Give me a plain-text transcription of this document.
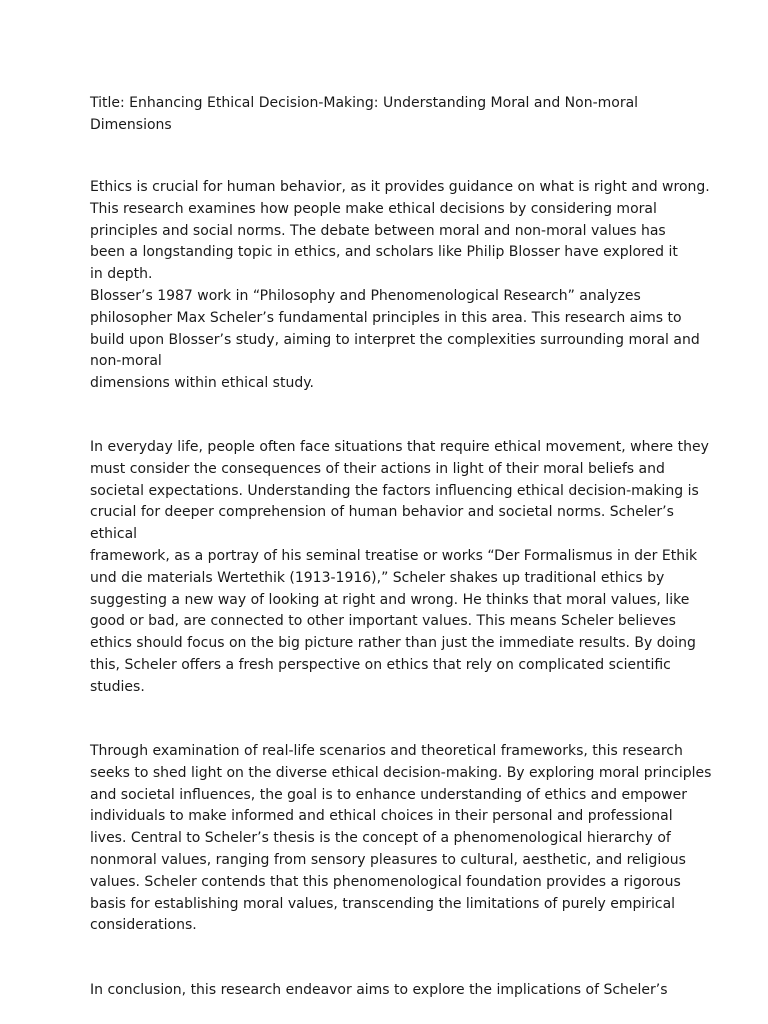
Title: Enhancing Ethical Decision-Making: Understanding Moral and Non-moral
Dimensions

Ethics is crucial for human behavior, as it provides guidance on what is right and wrong.
This research examines how people make ethical decisions by considering moral
principles and social norms. The debate between moral and non-moral values has
been a longstanding topic in ethics, and scholars like Philip Blosser have explored it
in depth.
Blosser’s 1987 work in “Philosophy and Phenomenological Research” analyzes
philosopher Max Scheler’s fundamental principles in this area. This research aims to
build upon Blosser’s study, aiming to interpret the complexities surrounding moral and
non-moral
dimensions within ethical study.

In everyday life, people often face situations that require ethical movement, where they
must consider the consequences of their actions in light of their moral beliefs and
societal expectations. Understanding the factors influencing ethical decision-making is
crucial for deeper comprehension of human behavior and societal norms. Scheler’s
ethical
framework, as a portray of his seminal treatise or works “Der Formalismus in der Ethik
und die materials Wertethik (1913-1916),” Scheler shakes up traditional ethics by
suggesting a new way of looking at right and wrong. He thinks that moral values, like
good or bad, are connected to other important values. This means Scheler believes
ethics should focus on the big picture rather than just the immediate results. By doing
this, Scheler offers a fresh perspective on ethics that rely on complicated scientific
studies.

Through examination of real-life scenarios and theoretical frameworks, this research
seeks to shed light on the diverse ethical decision-making. By exploring moral principles
and societal influences, the goal is to enhance understanding of ethics and empower
individuals to make informed and ethical choices in their personal and professional
lives. Central to Scheler’s thesis is the concept of a phenomenological hierarchy of
nonmoral values, ranging from sensory pleasures to cultural, aesthetic, and religious
values. Scheler contends that this phenomenological foundation provides a rigorous
basis for establishing moral values, transcending the limitations of purely empirical
considerations.

In conclusion, this research endeavor aims to explore the implications of Scheler’s
